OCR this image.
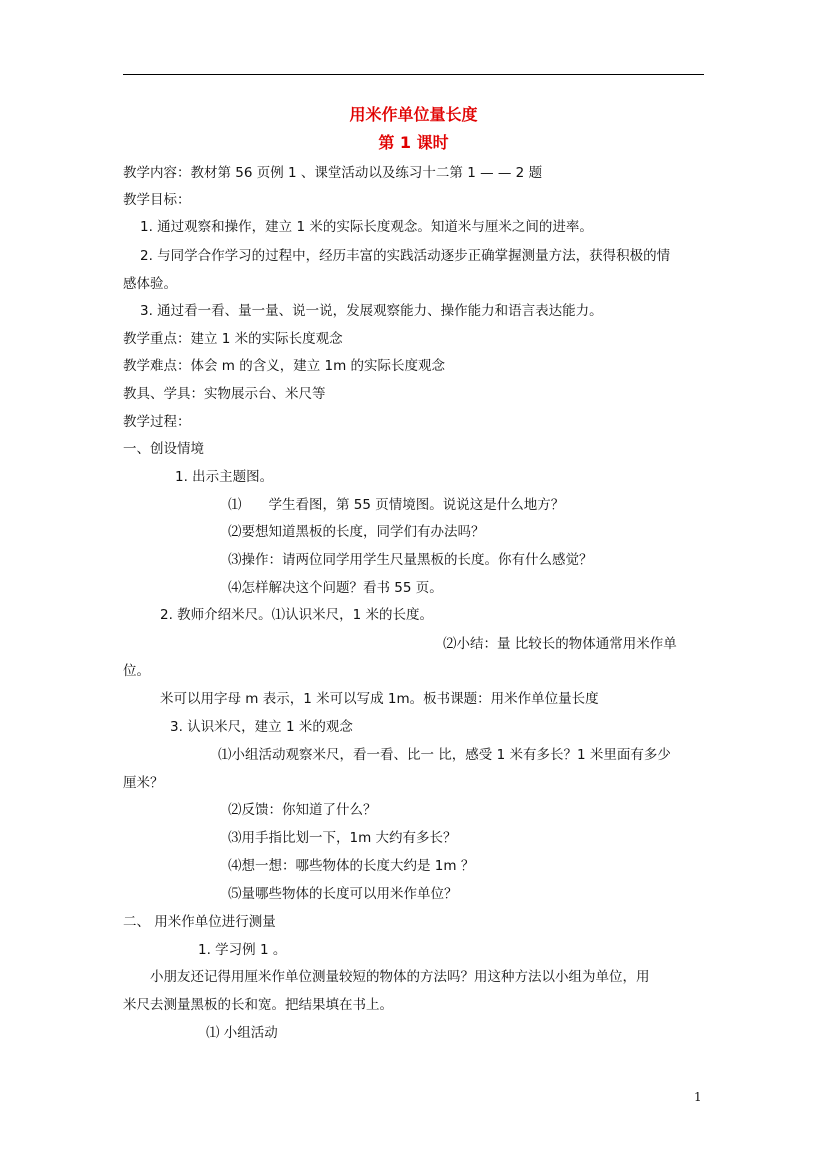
用米作单位量长度
第 1 课时
教学内容：教材第 56 页例 1 、课堂活动以及练习十二第 1 — — 2 题
教学目标：
1. 通过观察和操作，建立 1 米的实际长度观念。知道米与厘米之间的进率。
2. 与同学合作学习的过程中，经历丰富的实践活动逐步正确掌握测量方法，获得积极的情
感体验。
3. 通过看一看、量一量、说一说，发展观察能力、操作能力和语言表达能力。
教学重点：建立 1 米的实际长度观念
教学难点：体会 m 的含义，建立 1m 的实际长度观念
教具、学具：实物展示台、米尺等
教学过程：
一、创设情境
1. 出示主题图。
⑴　　学生看图，第 55 页情境图。说说这是什么地方？
⑵要想知道黑板的长度，同学们有办法吗？
⑶操作：请两位同学用学生尺量黑板的长度。你有什么感觉？
⑷怎样解决这个问题？看书 55 页。
2. 教师介绍米尺。⑴认识米尺，1 米的长度。
⑵小结：量 比较长的物体通常用米作单
位。
米可以用字母 m 表示，1 米可以写成 1m。板书课题：用米作单位量长度
3. 认识米尺，建立 1 米的观念
⑴小组活动观察米尺，看一看、比一 比，感受 1 米有多长？1 米里面有多少
厘米？
⑵反馈：你知道了什么？
⑶用手指比划一下，1m 大约有多长？
⑷想一想：哪些物体的长度大约是 1m ？
⑸量哪些物体的长度可以用米作单位？
二、 用米作单位进行测量
1. 学习例 1 。
小朋友还记得用厘米作单位测量较短的物体的方法吗？用这种方法以小组为单位，用
米尺去测量黑板的长和宽。把结果填在书上。
⑴ 小组活动
1
